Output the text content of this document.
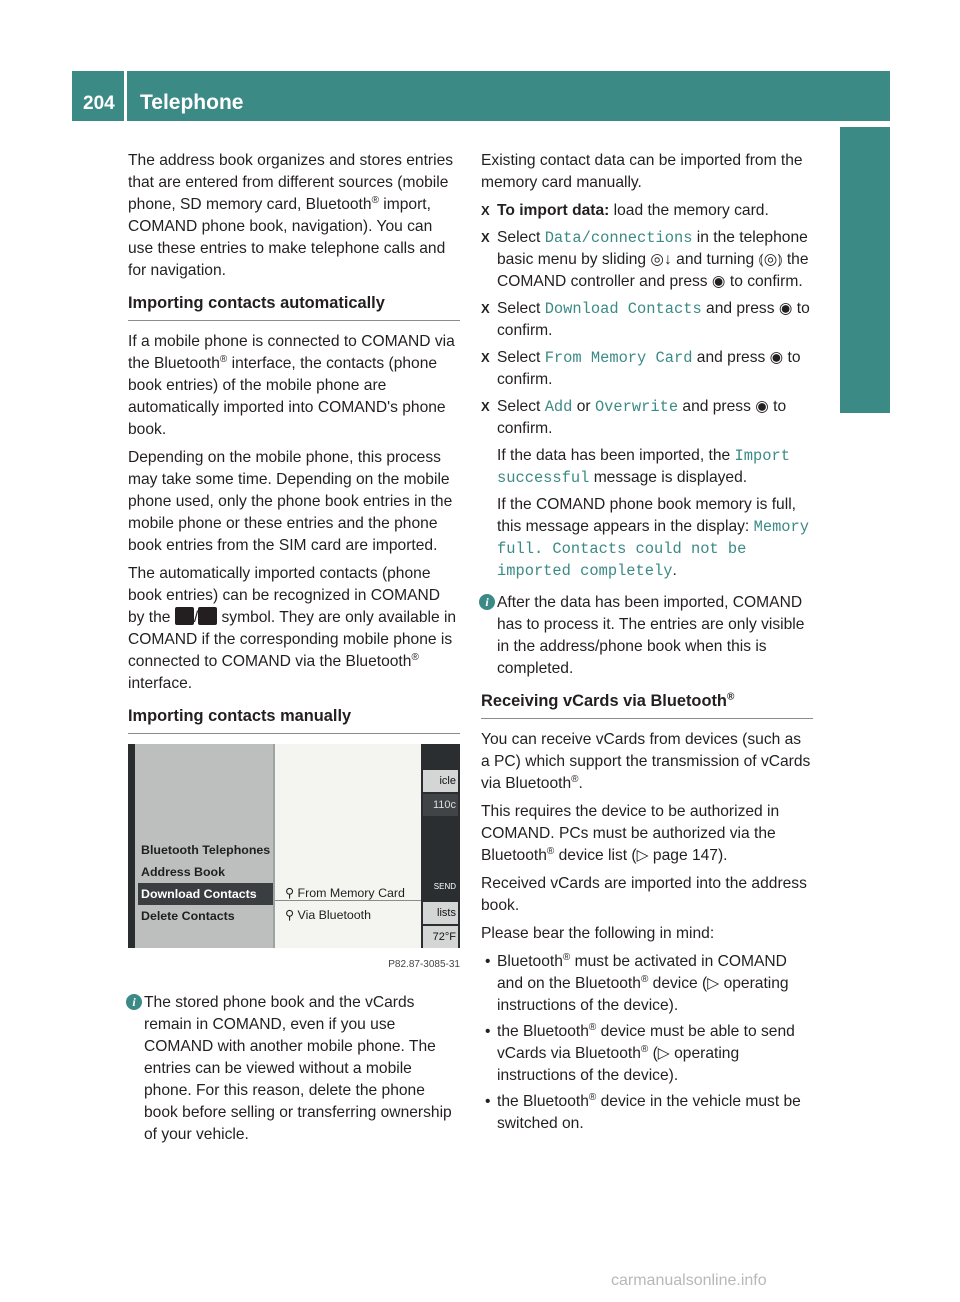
204 Telephone
COMAND

The address book organizes and stores entries that are entered from different sources (mobile phone, SD memory card, Bluetooth® import, COMAND phone book, navigation). You can use these entries to make telephone calls and for navigation.

Importing contacts automatically

If a mobile phone is connected to COMAND via the Bluetooth® interface, the contacts (phone book entries) of the mobile phone are automatically imported into COMAND's phone book.

Depending on the mobile phone, this process may take some time. Depending on the mobile phone used, only the phone book entries in the mobile phone or these entries and the phone book entries from the SIM card are imported.

The automatically imported contacts (phone book entries) can be recognized in COMAND by the / symbol. They are only available in COMAND if the corresponding mobile phone is connected to COMAND via the Bluetooth® interface.

Importing contacts manually
Bluetooth Telephones
Address Book
Download Contacts
Delete Contacts
⚲ From Memory Card
⚲ Via Bluetooth
icle
110c
SEND
lists
72°F
P82.87-3085-31
i The stored phone book and the vCards remain in COMAND, even if you use COMAND with another mobile phone. The entries can be viewed without a mobile phone. For this reason, delete the phone book before selling or transferring ownership of your vehicle.

Existing contact data can be imported from the memory card manually.

X To import data: load the memory card.
X Select Data/connections in the telephone basic menu by sliding ◎↓ and turning ⦅◎⦆ the COMAND controller and press ◉ to confirm.
X Select Download Contacts and press ◉ to confirm.
X Select From Memory Card and press ◉ to confirm.
X Select Add or Overwrite and press ◉ to confirm.
If the data has been imported, the Import successful message is displayed.
If the COMAND phone book memory is full, this message appears in the display: Memory full. Contacts could not be imported completely.
i After the data has been imported, COMAND has to process it. The entries are only visible in the address/phone book when this is completed.
Receiving vCards via Bluetooth®

You can receive vCards from devices (such as a PC) which support the transmission of vCards via Bluetooth®.

This requires the device to be authorized in COMAND. PCs must be authorized via the Bluetooth® device list (▷ page 147).

Received vCards are imported into the address book.

Please bear the following in mind:

• Bluetooth® must be activated in COMAND and on the Bluetooth® device (▷ operating instructions of the device).
• the Bluetooth® device must be able to send vCards via Bluetooth® (▷ operating instructions of the device).
• the Bluetooth® device in the vehicle must be switched on.
carmanualsonline.info
